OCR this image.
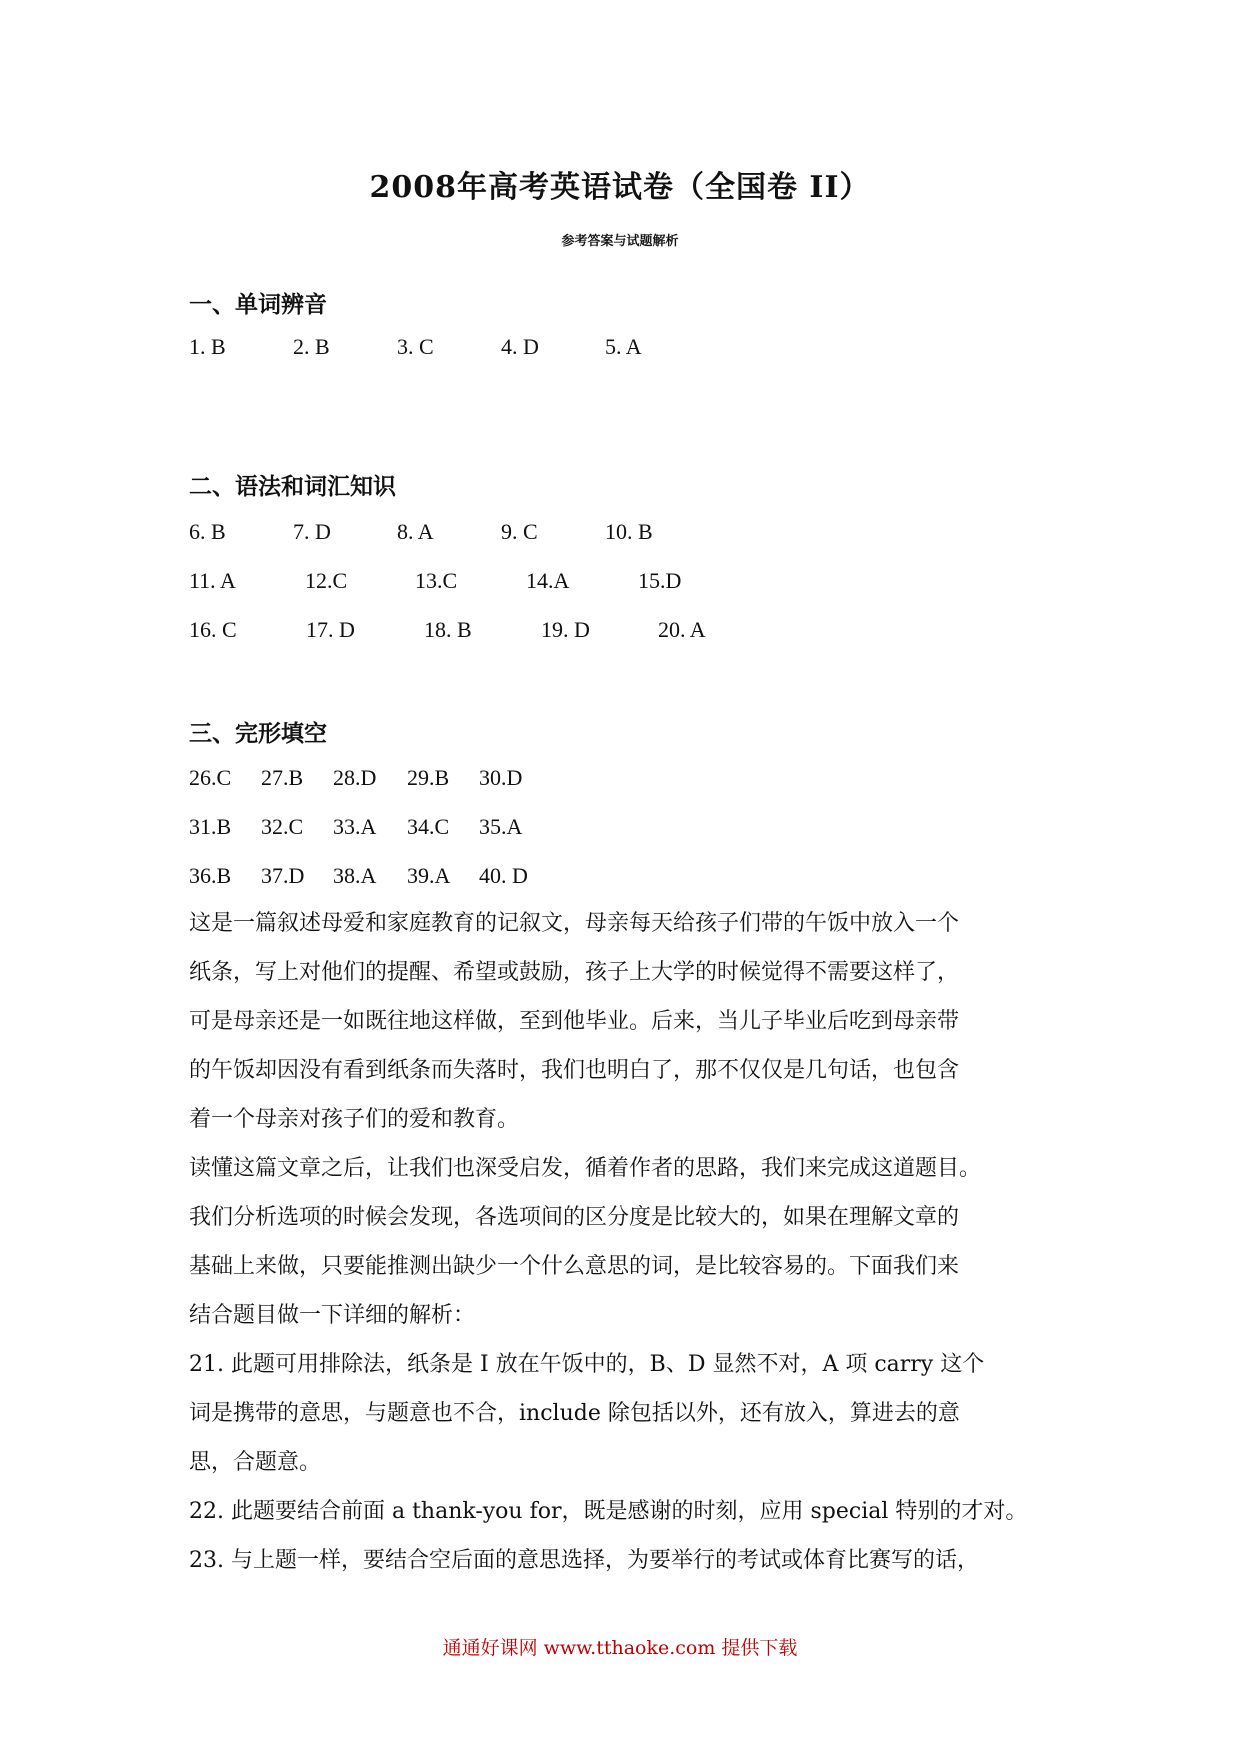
2008年高考英语试卷（全国卷 II）

参考答案与试题解析

一、单词辨音
1. B	2. B	3. C	4. D	5. A
二、语法和词汇知识
6. B	7. D	8. A	9. C	10. B
11. A	12.C	13.C	14.A	15.D
16. C	17. D	18. B	19. D	20. A
三、完形填空
26.C 27.B 28.D 29.B 30.D
31.B 32.C 33.A 34.C 35.A
36.B 37.D 38.A 39.A 40. D

这是一篇叙述母爱和家庭教育的记叙文，母亲每天给孩子们带的午饭中放入一个
纸条，写上对他们的提醒、希望或鼓励，孩子上大学的时候觉得不需要这样了，
可是母亲还是一如既往地这样做，至到他毕业。后来，当儿子毕业后吃到母亲带
的午饭却因没有看到纸条而失落时，我们也明白了，那不仅仅是几句话，也包含
着一个母亲对孩子们的爱和教育。

读懂这篇文章之后，让我们也深受启发，循着作者的思路，我们来完成这道题目。
我们分析选项的时候会发现，各选项间的区分度是比较大的，如果在理解文章的
基础上来做，只要能推测出缺少一个什么意思的词，是比较容易的。下面我们来
结合题目做一下详细的解析：

21. 此题可用排除法，纸条是 I 放在午饭中的，B、D 显然不对，A 项 carry 这个
词是携带的意思，与题意也不合，include 除包括以外，还有放入，算进去的意
思，合题意。

22. 此题要结合前面 a thank-you for，既是感谢的时刻，应用 special 特别的才对。

23. 与上题一样，要结合空后面的意思选择，为要举行的考试或体育比赛写的话，

通通好课网 www.tthaoke.com 提供下载
